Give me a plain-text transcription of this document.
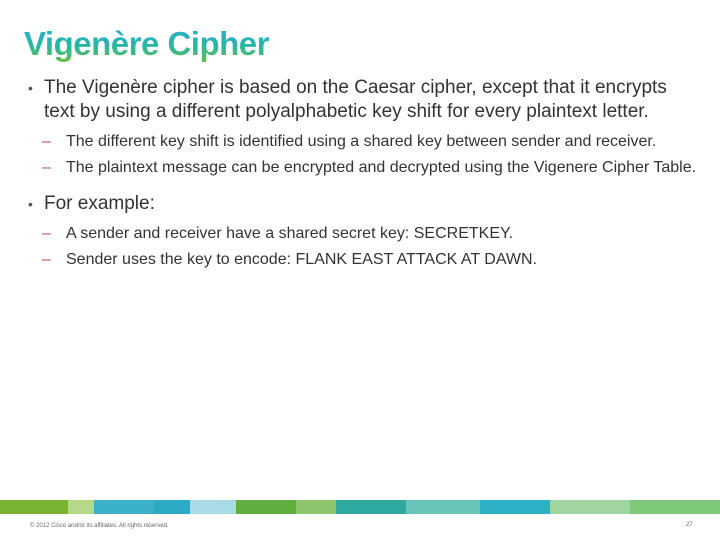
Vigenère Cipher
• The Vigenère cipher is based on the Caesar cipher, except that it encrypts text by using a different polyalphabetic key shift for every plaintext letter.
– The different key shift is identified using a shared key between sender and receiver.
– The plaintext message can be encrypted and decrypted using the Vigenere Cipher Table.
• For example:
– A sender and receiver have a shared secret key: SECRETKEY.
– Sender uses the key to encode: FLANK EAST ATTACK AT DAWN.
© 2012 Cisco and/or its affiliates. All rights reserved.	27
